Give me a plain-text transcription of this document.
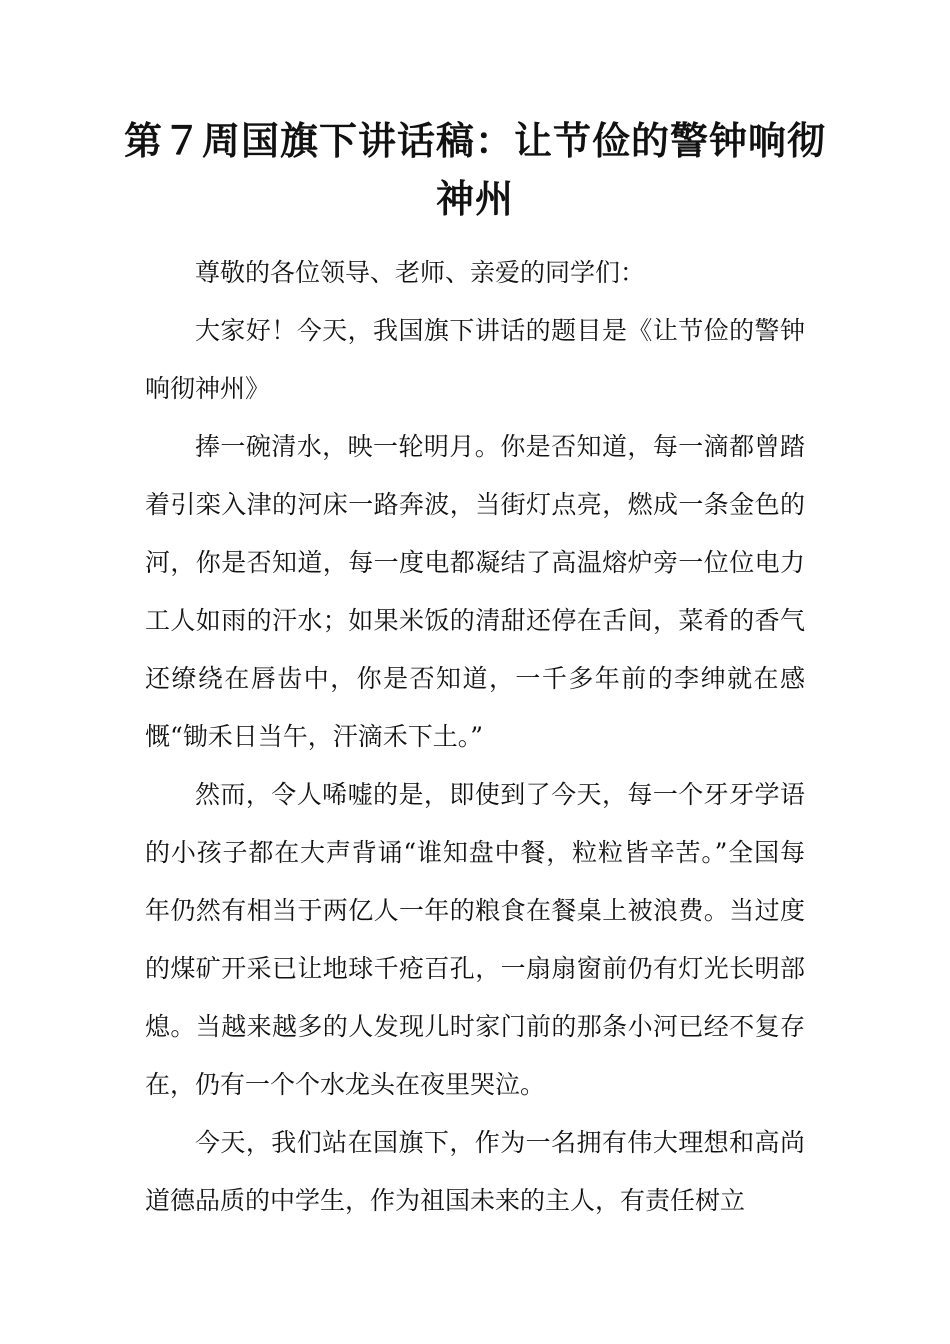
第７周国旗下讲话稿：让节俭的警钟响彻神州

尊敬的各位领导、老师、亲爱的同学们：

大家好！今天，我国旗下讲话的题目是《让节俭的警钟响彻神州》

捧一碗清水，映一轮明月。你是否知道，每一滴都曾踏着引栾入津的河床一路奔波，当街灯点亮，燃成一条金色的河，你是否知道，每一度电都凝结了高温熔炉旁一位位电力工人如雨的汗水；如果米饭的清甜还停在舌间，菜肴的香气还缭绕在唇齿中，你是否知道，一千多年前的李绅就在感慨“锄禾日当午，汗滴禾下土。”

然而，令人唏嘘的是，即使到了今天，每一个牙牙学语的小孩子都在大声背诵“谁知盘中餐，粒粒皆辛苦。”全国每年仍然有相当于两亿人一年的粮食在餐桌上被浪费。当过度的煤矿开采已让地球千疮百孔，一扇扇窗前仍有灯光长明部熄。当越来越多的人发现儿时家门前的那条小河已经不复存在，仍有一个个水龙头在夜里哭泣。

今天，我们站在国旗下，作为一名拥有伟大理想和高尚道德品质的中学生，作为祖国未来的主人，有责任树立
